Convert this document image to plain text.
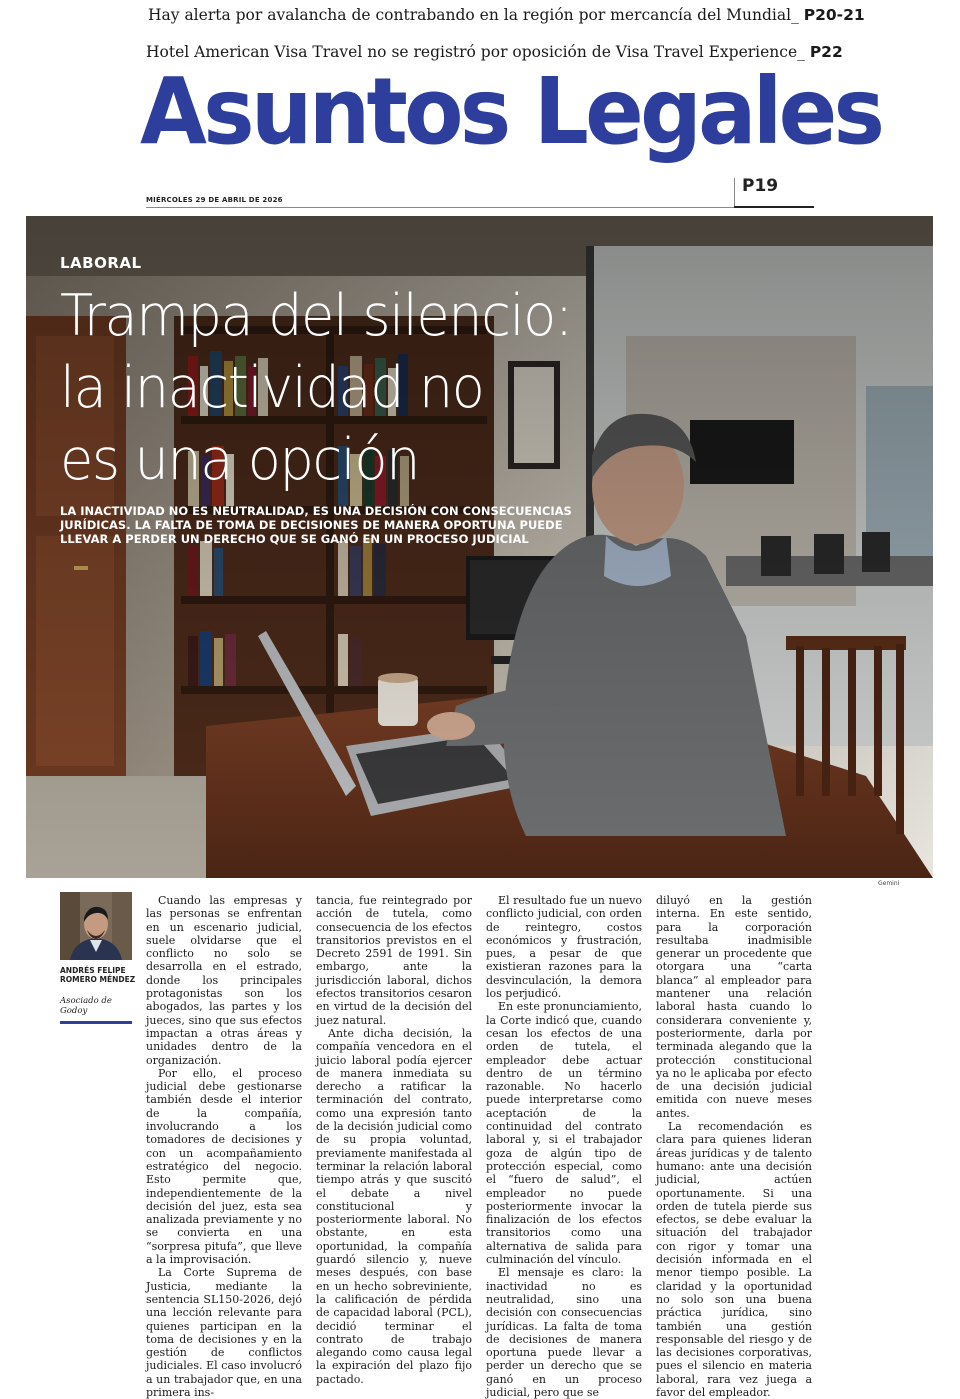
Hay alerta por avalancha de contrabando en la región por mercancía del Mundial_ P20-21
Hotel American Visa Travel no se registró por oposición de Visa Travel Experience_ P22
Asuntos Legales
P19
MIÉRCOLES 29 DE ABRIL DE 2026
LABORAL
Trampa del silencio:
la inactividad no
es una opción
LA INACTIVIDAD NO ES NEUTRALIDAD, ES UNA DECISIÓN CON CONSECUENCIAS JURÍDICAS. LA FALTA DE TOMA DE DECISIONES DE MANERA OPORTUNA PUEDE LLEVAR A PERDER UN DERECHO QUE SE GANÓ EN UN PROCESO JUDICIAL
Gemini
ANDRÉS FELIPE ROMERO MÉNDEZ
Asociado de Godoy

Cuando las empresas y las personas se enfrentan en un escenario judicial, suele olvidarse que el conflicto no solo se desarrolla en el estrado, donde los principales protagonistas son los abogados, las partes y los jueces, sino que sus efectos impactan a otras áreas y unidades dentro de la organización.

Por ello, el proceso judicial debe gestionarse también desde el interior de la compañía, involucrando a los tomadores de decisiones y con un acompañamiento estratégico del negocio. Esto permite que, independientemente de la decisión del juez, esta sea analizada previamente y no se convierta en una “sorpresa pitufa”, que lleve a la improvisación.

La Corte Suprema de Justicia, mediante la sentencia SL150-2026, dejó una lección relevante para quienes participan en la toma de decisiones y en la gestión de conflictos judiciales. El caso involucró a un trabajador que, en una primera ins-

tancia, fue reintegrado por acción de tutela, como consecuencia de los efectos transitorios previstos en el Decreto 2591 de 1991. Sin embargo, ante la jurisdicción laboral, dichos efectos transitorios cesaron en virtud de la decisión del juez natural.

Ante dicha decisión, la compañía vencedora en el juicio laboral podía ejercer de manera inmediata su derecho a ratificar la terminación del contrato, como una expresión tanto de la decisión judicial como de su propia voluntad, previamente manifestada al terminar la relación laboral tiempo atrás y que suscitó el debate a nivel constitucional y posteriormente laboral. No obstante, en esta oportunidad, la compañía guardó silencio y, nueve meses después, con base en un hecho sobreviniente, la calificación de pérdida de capacidad laboral (PCL), decidió terminar el contrato de trabajo alegando como causa legal la expiración del plazo fijo pactado.

El resultado fue un nuevo conflicto judicial, con orden de reintegro, costos económicos y frustración, pues, a pesar de que existieran razones para la desvinculación, la demora los perjudicó.

En este pronunciamiento, la Corte indicó que, cuando cesan los efectos de una orden de tutela, el empleador debe actuar dentro de un término razonable. No hacerlo puede interpretarse como aceptación de la continuidad del contrato laboral y, si el trabajador goza de algún tipo de protección especial, como el “fuero de salud”, el empleador no puede posteriormente invocar la finalización de los efectos transitorios como una alternativa de salida para culminación del vínculo.

El mensaje es claro: la inactividad no es neutralidad, sino una decisión con consecuencias jurídicas. La falta de toma de decisiones de manera oportuna puede llevar a perder un derecho que se ganó en un proceso judicial, pero que se

diluyó en la gestión interna. En este sentido, para la corporación resultaba inadmisible generar un procedente que otorgara una “carta blanca” al empleador para mantener una relación laboral hasta cuando lo considerara conveniente y, posteriormente, darla por terminada alegando que la protección constitucional ya no le aplicaba por efecto de una decisión judicial emitida con nueve meses antes.

La recomendación es clara para quienes lideran áreas jurídicas y de talento humano: ante una decisión judicial, actúen oportunamente. Si una orden de tutela pierde sus efectos, se debe evaluar la situación del trabajador con rigor y tomar una decisión informada en el menor tiempo posible. La claridad y la oportunidad no solo son una buena práctica jurídica, sino también una gestión responsable del riesgo y de las decisiones corporativas, pues el silencio en materia laboral, rara vez juega a favor del empleador.
